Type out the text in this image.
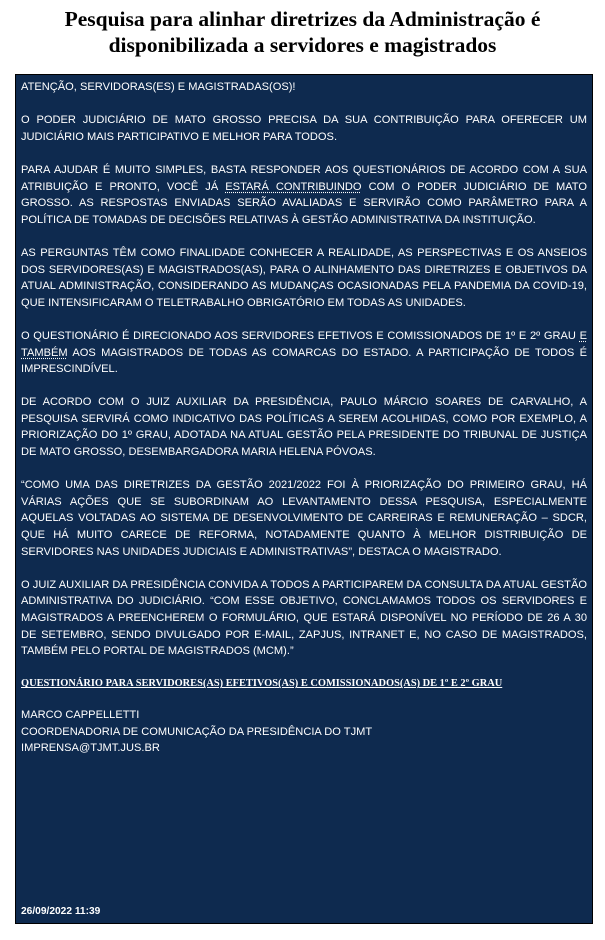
Pesquisa para alinhar diretrizes da Administração é disponibilizada a servidores e magistrados

ATENÇÃO, SERVIDORAS(ES) E MAGISTRADAS(OS)!

O PODER JUDICIÁRIO DE MATO GROSSO PRECISA DA SUA CONTRIBUIÇÃO PARA OFERECER UM JUDICIÁRIO MAIS PARTICIPATIVO E MELHOR PARA TODOS.

PARA AJUDAR É MUITO SIMPLES, BASTA RESPONDER AOS QUESTIONÁRIOS DE ACORDO COM A SUA ATRIBUIÇÃO E PRONTO, VOCÊ JÁ ESTARÁ CONTRIBUINDO COM O PODER JUDICIÁRIO DE MATO GROSSO. AS RESPOSTAS ENVIADAS SERÃO AVALIADAS E SERVIRÃO COMO PARÂMETRO PARA A POLÍTICA DE TOMADAS DE DECISÕES RELATIVAS À GESTÃO ADMINISTRATIVA DA INSTITUIÇÃO.

AS PERGUNTAS TÊM COMO FINALIDADE CONHECER A REALIDADE, AS PERSPECTIVAS E OS ANSEIOS DOS SERVIDORES(AS) E MAGISTRADOS(AS), PARA O ALINHAMENTO DAS DIRETRIZES E OBJETIVOS DA ATUAL ADMINISTRAÇÃO, CONSIDERANDO AS MUDANÇAS OCASIONADAS PELA PANDEMIA DA COVID-19, QUE INTENSIFICARAM O TELETRABALHO OBRIGATÓRIO EM TODAS AS UNIDADES.

O QUESTIONÁRIO É DIRECIONADO AOS SERVIDORES EFETIVOS E COMISSIONADOS DE 1º E 2º GRAU E TAMBÉM AOS MAGISTRADOS DE TODAS AS COMARCAS DO ESTADO. A PARTICIPAÇÃO DE TODOS É IMPRESCINDÍVEL.

DE ACORDO COM O JUIZ AUXILIAR DA PRESIDÊNCIA, PAULO MÁRCIO SOARES DE CARVALHO, A PESQUISA SERVIRÁ COMO INDICATIVO DAS POLÍTICAS A SEREM ACOLHIDAS, COMO POR EXEMPLO, A PRIORIZAÇÃO DO 1º GRAU, ADOTADA NA ATUAL GESTÃO PELA PRESIDENTE DO TRIBUNAL DE JUSTIÇA DE MATO GROSSO, DESEMBARGADORA MARIA HELENA PÓVOAS.

“COMO UMA DAS DIRETRIZES DA GESTÃO 2021/2022 FOI À PRIORIZAÇÃO DO PRIMEIRO GRAU, HÁ VÁRIAS AÇÕES QUE SE SUBORDINAM AO LEVANTAMENTO DESSA PESQUISA, ESPECIALMENTE AQUELAS VOLTADAS AO SISTEMA DE DESENVOLVIMENTO DE CARREIRAS E REMUNERAÇÃO – SDCR, QUE HÁ MUITO CARECE DE REFORMA, NOTADAMENTE QUANTO À MELHOR DISTRIBUIÇÃO DE SERVIDORES NAS UNIDADES JUDICIAIS E ADMINISTRATIVAS”, DESTACA O MAGISTRADO.

O JUIZ AUXILIAR DA PRESIDÊNCIA CONVIDA A TODOS A PARTICIPAREM DA CONSULTA DA ATUAL GESTÃO ADMINISTRATIVA DO JUDICIÁRIO. “COM ESSE OBJETIVO, CONCLAMAMOS TODOS OS SERVIDORES E MAGISTRADOS A PREENCHEREM O FORMULÁRIO, QUE ESTARÁ DISPONÍVEL NO PERÍODO DE 26 A 30 DE SETEMBRO, SENDO DIVULGADO POR E-MAIL, ZAPJUS, INTRANET E, NO CASO DE MAGISTRADOS, TAMBÉM PELO PORTAL DE MAGISTRADOS (MCM).”

QUESTIONÁRIO PARA SERVIDORES(AS) EFETIVOS(AS) E COMISSIONADOS(AS) DE 1º E 2º GRAU
MARCO CAPPELLETTI
COORDENADORIA DE COMUNICAÇÃO DA PRESIDÊNCIA DO TJMT
IMPRENSA@TJMT.JUS.BR
26/09/2022 11:39
